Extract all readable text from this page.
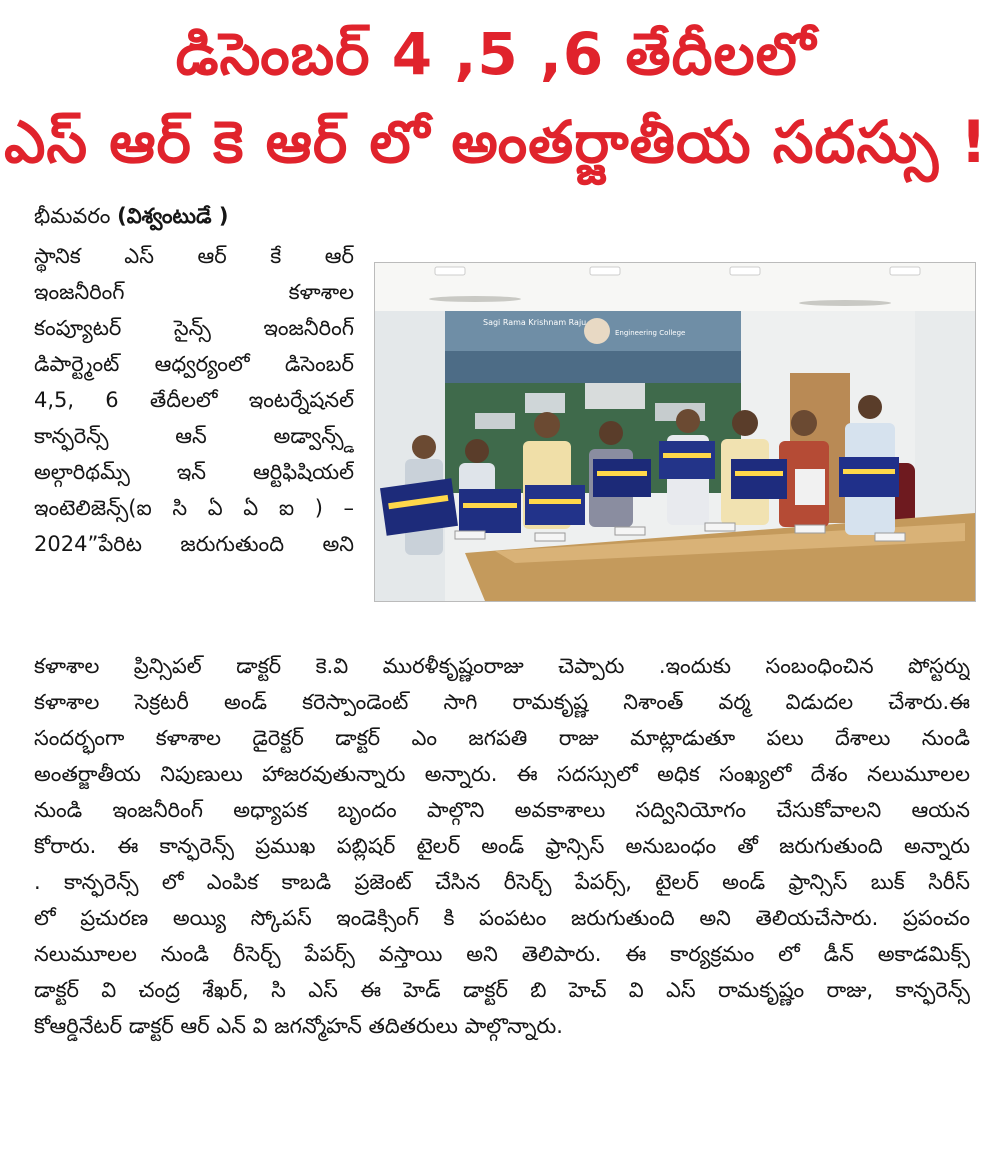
డిసెంబర్ 4 ,5 ,6 తేదీలలో
ఎస్ ఆర్ కె ఆర్ లో అంతర్జాతీయ సదస్సు !
భీమవరం (విశ్వంటుడే )
స్థానిక ఎస్ ఆర్ కే ఆర్
ఇంజనీరింగ్ కళాశాల
కంప్యూటర్ సైన్స్ ఇంజనీరింగ్
డిపార్ట్మెంట్ ఆధ్వర్యంలో డిసెంబర్
4,5, 6 తేదీలలో ఇంటర్నేషనల్
కాన్ఫరెన్స్ ఆన్ అడ్వాన్స్డ్
అల్గారిథమ్స్ ఇన్ ఆర్టిఫిషియల్
ఇంటెలిజెన్స్(ఐ సి ఏ ఏ ఐ ) –
2024”పేరిట జరుగుతుంది అని
Sagi Rama Krishnam Raju
Engineering College
కళాశాల ప్రిన్సిపల్ డాక్టర్ కె.వి మురళీకృష్ణంరాజు చెప్పారు .ఇందుకు సంబంధించిన పోస్టర్ను
కళాశాల సెక్రటరీ అండ్ కరెస్పాండెంట్ సాగి రామకృష్ణ నిశాంత్ వర్మ విడుదల చేశారు.ఈ
సందర్భంగా కళాశాల డైరెక్టర్ డాక్టర్ ఎం జగపతి రాజు మాట్లాడుతూ పలు దేశాలు నుండి
అంతర్జాతీయ నిపుణులు హాజరవుతున్నారు అన్నారు. ఈ సదస్సులో అధిక సంఖ్యలో దేశం నలుమూలల
నుండి ఇంజనీరింగ్ అధ్యాపక బృందం పాల్గొని అవకాశాలు సద్వినియోగం చేసుకోవాలని ఆయన
కోరారు. ఈ కాన్ఫరెన్స్ ప్రముఖ పబ్లిషర్ టైలర్ అండ్ ఫ్రాన్సిస్ అనుబంధం తో జరుగుతుంది అన్నారు
. కాన్ఫరెన్స్ లో ఎంపిక కాబడి ప్రజెంట్ చేసిన రీసెర్చ్ పేపర్స్, టైలర్ అండ్ ఫ్రాన్సిస్ బుక్ సిరీస్
లో ప్రచురణ అయ్యి స్కోపస్ ఇండెక్సింగ్ కి పంపటం జరుగుతుంది అని తెలియచేసారు. ప్రపంచం
నలుమూలల నుండి రీసెర్చ్ పేపర్స్ వస్తాయి అని తెలిపారు. ఈ కార్యక్రమం లో డీన్ అకాడమిక్స్
డాక్టర్ వి చంద్ర శేఖర్, సి ఎస్ ఈ హెడ్ డాక్టర్ బి హెచ్ వి ఎస్ రామకృష్ణం రాజు, కాన్ఫరెన్స్
కోఆర్డినేటర్ డాక్టర్ ఆర్ ఎన్ వి జగన్మోహన్ తదితరులు పాల్గొన్నారు.
